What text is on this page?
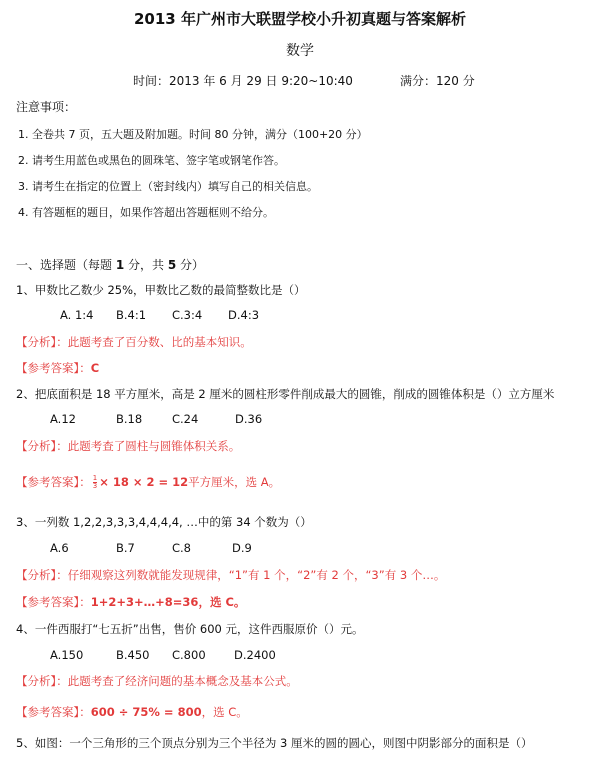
2013 年广州市大联盟学校小升初真题与答案解析
数学
时间：2013 年 6 月 29 日 9:20~10:40	满分：120 分
注意事项：
1. 全卷共 7 页，五大题及附加题。时间 80 分钟，满分（100+20 分）
2. 请考生用蓝色或黑色的圆珠笔、签字笔或钢笔作答。
3. 请考生在指定的位置上（密封线内）填写自己的相关信息。
4. 有答题框的题目，如果作答超出答题框则不给分。
一、选择题（每题 1 分，共 5 分）
1、甲数比乙数少 25%，甲数比乙数的最简整数比是（）
A. 1:4 B.4:1 C.3:4 D.4:3
【分析】：此题考查了百分数、比的基本知识。
【参考答案】：C
2、把底面积是 18 平方厘米，高是 2 厘米的圆柱形零件削成最大的圆锥，削成的圆锥体积是（）立方厘米
A.12	B.18	C.24	D.36
【分析】：此题考查了圆柱与圆锥体积关系。
【参考答案】： $\frac{1}{3} \times 18 \times 2 = 12$平方厘米，选 A。
3、一列数 1,2,2,3,3,3,4,4,4,4, …中的第 34 个数为（）
A.6	B.7	C.8	D.9
【分析】：仔细观察这列数就能发现规律，“1”有 1 个，“2”有 2 个，“3”有 3 个…。
【参考答案】：1+2+3+…+8=36，选 C。
4、一件西服打“七五折”出售，售价 600 元，这件西服原价（）元。
A.150	B.450 C.800 D.2400
【分析】：此题考查了经济问题的基本概念及基本公式。
【参考答案】：600 ÷ 75% = 800，选 C。
5、如图：一个三角形的三个顶点分别为三个半径为 3 厘米的圆的圆心，则图中阴影部分的面积是（）
